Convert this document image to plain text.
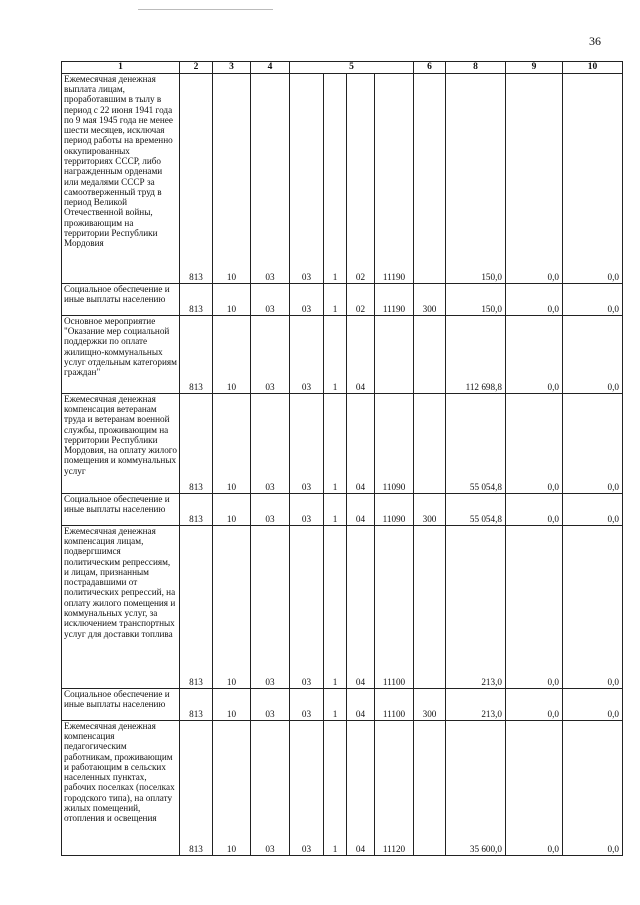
36
1	2	3	4	5				6	8	9	10
Ежемесячная денежная выплата лицам, проработавшим в тылу в период с 22 июня 1941 года по 9 мая 1945 года не менее шести месяцев, исключая период работы на временно оккупированных территориях СССР, либо награжденным орденами или медалями СССР за самоотверженный труд в период Великой Отечественной войны, проживающим на территории Республики Мордовия	813	10	03	03	1	02	11190		150,0	0,0	0,0
Социальное обеспечение и иные выплаты населению	813	10	03	03	1	02	11190	300	150,0	0,0	0,0
Основное мероприятие "Оказание мер социальной поддержки по оплате жилищно-коммунальных услуг отдельным категориям граждан"	813	10	03	03	1	04			112 698,8	0,0	0,0
Ежемесячная денежная компенсация ветеранам труда и ветеранам военной службы, проживающим на территории Республики Мордовия, на оплату жилого помещения и коммунальных услуг	813	10	03	03	1	04	11090		55 054,8	0,0	0,0
Социальное обеспечение и иные выплаты населению	813	10	03	03	1	04	11090	300	55 054,8	0,0	0,0
Ежемесячная денежная компенсация лицам, подвергшимся политическим репрессиям, и лицам, признанным пострадавшими от политических репрессий, на оплату жилого помещения и коммунальных услуг, за исключением транспортных услуг для доставки топлива	813	10	03	03	1	04	11100		213,0	0,0	0,0
Социальное обеспечение и иные выплаты населению	813	10	03	03	1	04	11100	300	213,0	0,0	0,0
Ежемесячная денежная компенсация педагогическим работникам, проживающим и работающим в сельских населенных пунктах, рабочих поселках (поселках городского типа), на оплату жилых помещений, отопления и освещения	813	10	03	03	1	04	11120		35 600,0	0,0	0,0
